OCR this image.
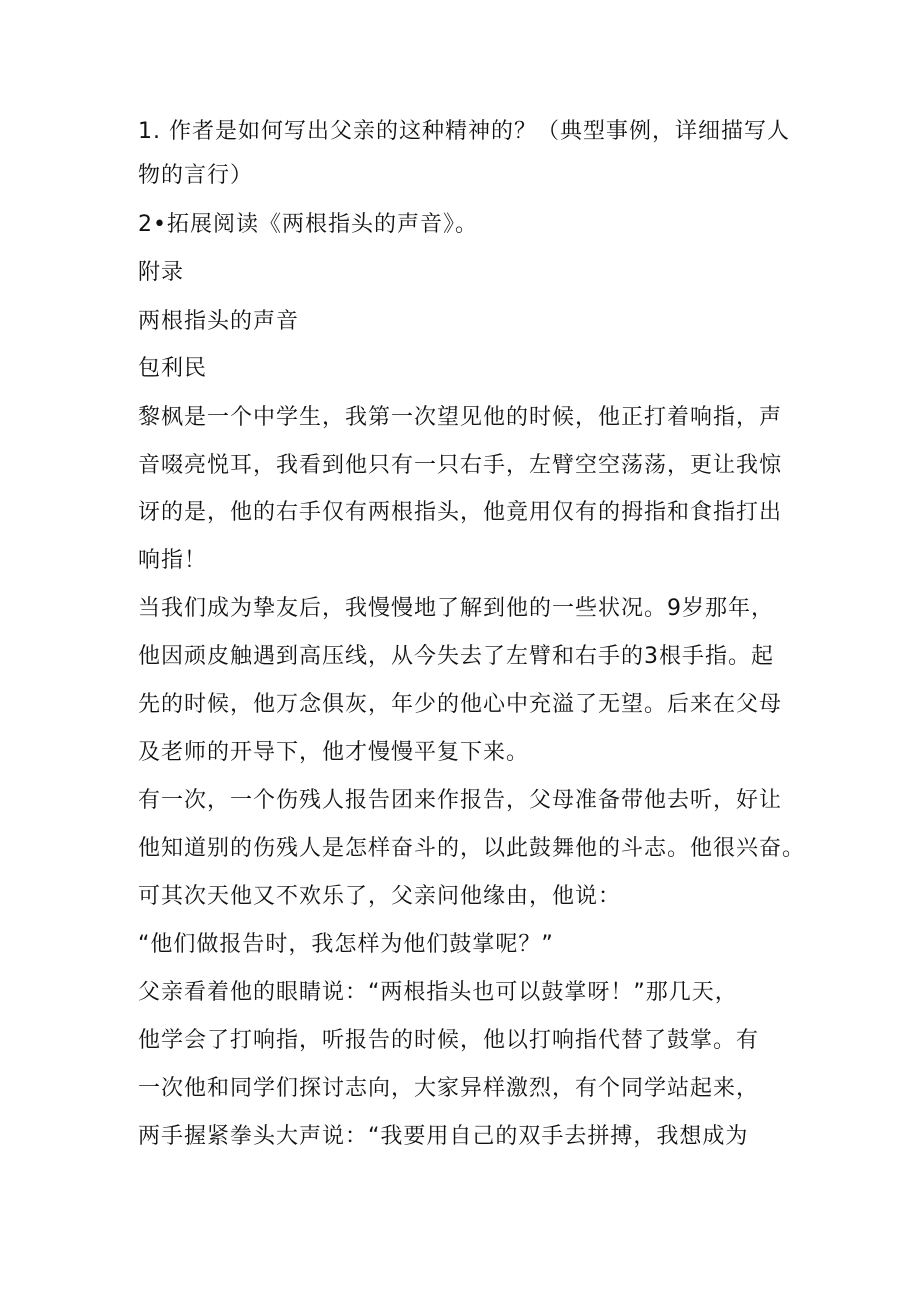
1. 作者是如何写出父亲的这种精神的？（典型事例，详细描写人
物的言行）
2•拓展阅读《两根指头的声音》。
附录
两根指头的声音
包利民
黎枫是一个中学生，我第一次望见他的时候，他正打着响指，声
音啜亮悦耳，我看到他只有一只右手，左臂空空荡荡，更让我惊
讶的是，他的右手仅有两根指头，他竟用仅有的拇指和食指打出
响指！
当我们成为挚友后，我慢慢地了解到他的一些状况。9岁那年，
他因顽皮触遇到高压线，从今失去了左臂和右手的3根手指。起
先的时候，他万念俱灰，年少的他心中充溢了无望。后来在父母
及老师的开导下，他才慢慢平复下来。
有一次，一个伤残人报告团来作报告，父母准备带他去听，好让
他知道别的伤残人是怎样奋斗的，以此鼓舞他的斗志。他很兴奋。
可其次天他又不欢乐了，父亲问他缘由，他说：
“他们做报告时，我怎样为他们鼓掌呢？”
父亲看着他的眼睛说：“两根指头也可以鼓掌呀！”那几天，
他学会了打响指，听报告的时候，他以打响指代替了鼓掌。有
一次他和同学们探讨志向，大家异样激烈，有个同学站起来，
两手握紧拳头大声说：“我要用自己的双手去拼搏，我想成为
